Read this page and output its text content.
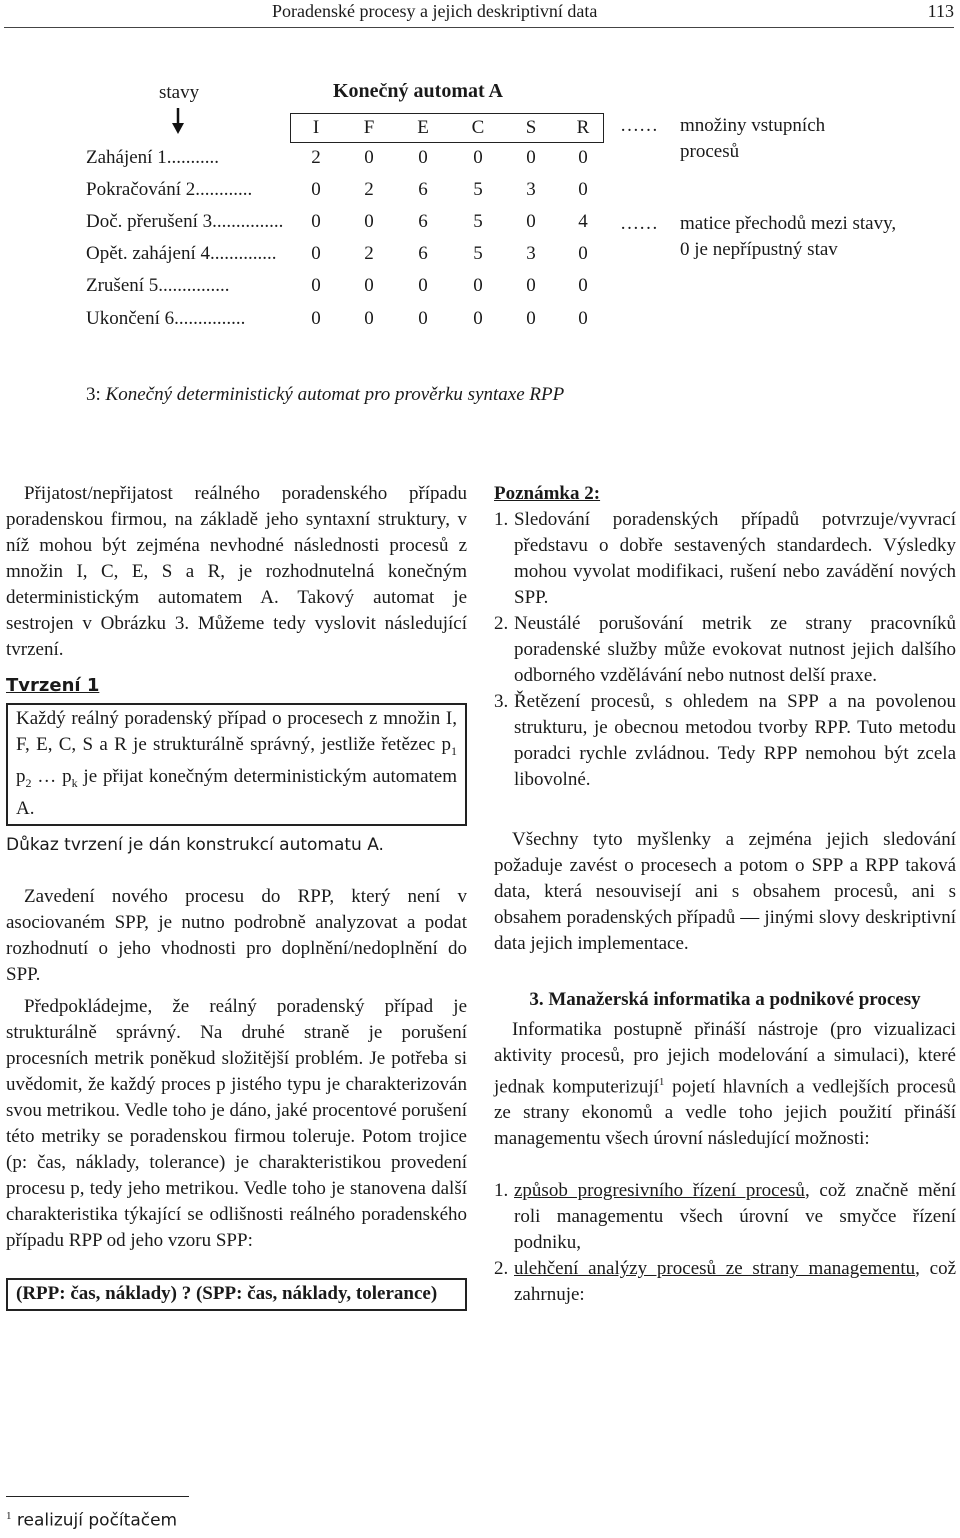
Poradenské procesy a jejich deskriptivní data	113
stavy	Konečný automat A
I	F	E	C	S	R
Zahájení 1...........	2	0	0	0	0	0
Pokračování 2............	0	2	6	5	3	0
Doč. přerušení 3...............	0	0	6	5	0	4
Opět. zahájení 4..............	0	2	6	5	3	0
Zrušení 5...............	0	0	0	0	0	0
Ukončení 6...............	0	0	0	0	0	0
…… množiny vstupních procesů
…… matice přechodů mezi stavy, 0 je nepřípustný stav
3: Konečný deterministický automat pro prověrku syntaxe RPP

Přijatost/nepřijatost reálného poradenského případu poradenskou firmou, na základě jeho syntaxní struktury, v níž mohou být zejména nevhodné následnosti procesů z množin I, C, E, S a R, je rozhodnutelná konečným deterministickým automatem A. Takový automat je sestrojen v Obrázku 3. Můžeme tedy vyslovit následující tvrzení.

Tvrzení 1
Každý reálný poradenský případ o procesech z množin I, F, E, C, S a R je strukturálně správný, jestliže řetězec $p_1$ $p_2$ … $p_k$ je přijat konečným deterministickým automatem A.
Důkaz tvrzení je dán konstrukcí automatu A.

Zavedení nového procesu do RPP, který není v asociovaném SPP, je nutno podrobně analyzovat a podat rozhodnutí o jeho vhodnosti pro doplnění/nedoplnění do SPP.

Předpokládejme, že reálný poradenský případ je strukturálně správný. Na druhé straně je porušení procesních metrik poněkud složitější problém. Je potřeba si uvědomit, že každý proces p jistého typu je charakterizován svou metrikou. Vedle toho je dáno, jaké procentové porušení této metriky se poradenskou firmou toleruje. Potom trojice (p: čas, náklady, tolerance) je charakteristikou provedení procesu p, tedy jeho metrikou. Vedle toho je stanovena další charakteristika týkající se odlišnosti reálného poradenského případu RPP od jeho vzoru SPP:

(RPP: čas, náklady) ? (SPP: čas, náklady, tolerance)
Poznámka 2:
1. Sledování poradenských případů potvrzuje/vyvrací představu o dobře sestavených standardech. Výsledky mohou vyvolat modifikaci, rušení nebo zavádění nových SPP.
2. Neustálé porušování metrik ze strany pracovníků poradenské služby může evokovat nutnost jejich dalšího odborného vzdělávání nebo nutnost delší praxe.
3. Řetězení procesů, s ohledem na SPP a na povolenou strukturu, je obecnou metodou tvorby RPP. Tuto metodu poradci rychle zvládnou. Tedy RPP nemohou být zcela libovolné.

Všechny tyto myšlenky a zejména jejich sledování požaduje zavést o procesech a potom o SPP a RPP taková data, která nesouvisejí ani s obsahem procesů, ani s obsahem poradenských případů — jinými slovy deskriptivní data jejich implementace.

3. Manažerská informatika a podnikové procesy

Informatika postupně přináší nástroje (pro vizualizaci aktivity procesů, pro jejich modelování a simulaci), které jednak komputerizují$^1$ pojetí hlavních a vedlejších procesů ze strany ekonomů a vedle toho jejich použití přináší managementu všech úrovní následující možnosti:

1. způsob progresivního řízení procesů, což značně mění roli managementu všech úrovní ve smyčce řízení podniku,
2. ulehčení analýzy procesů ze strany managementu, což zahrnuje:
$^1$ realizují počítačem
